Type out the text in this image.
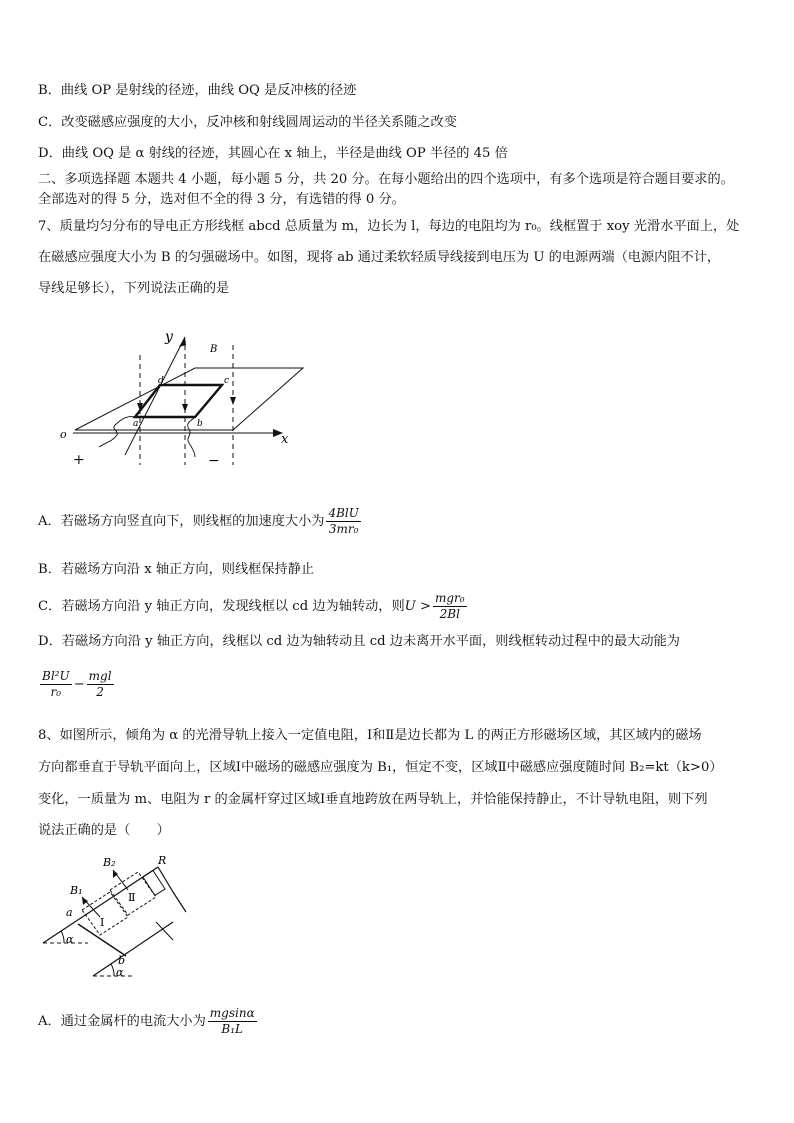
B．曲线 OP 是射线的径迹，曲线 OQ 是反冲核的径迹
C．改变磁感应强度的大小，反冲核和射线圆周运动的半径关系随之改变
D．曲线 OQ 是 α 射线的径迹，其圆心在 x 轴上，半径是曲线 OP 半径的 45 倍
二、多项选择题 本题共 4 小题，每小题 5 分，共 20 分。在每小题给出的四个选项中，有多个选项是符合题目要求的。
全部选对的得 5 分，选对但不全的得 3 分，有选错的得 0 分。
7、质量均匀分布的导电正方形线框 abcd 总质量为 m，边长为 l，每边的电阻均为 r₀。线框置于 xoy 光滑水平面上，处
在磁感应强度大小为 B 的匀强磁场中。如图，现将 ab 通过柔软轻质导线接到电压为 U 的电源两端（电源内阻不计，
导线足够长），下列说法正确的是
y
B
d	c
a	b
o	x
+	−
A．若磁场方向竖直向下，则线框的加速度大小为 $\frac{\text{4BlU}}{\text{3mr₀}}$
B．若磁场方向沿 x 轴正方向，则线框保持静止
C．若磁场方向沿 y 轴正方向，发现线框以 cd 边为轴转动，则$U > \frac{\text{mgr₀}}{2Bl}$
D．若磁场方向沿 y 轴正方向，线框以 cd 边为轴转动且 cd 边未离开水平面，则线框转动过程中的最大动能为
$\frac{\text{Bl²U}}{\text{r₀}} - \frac{\text{mgl}}{2}$
8、如图所示，倾角为 α 的光滑导轨上接入一定值电阻，Ⅰ和Ⅱ是边长都为 L 的两正方形磁场区域，其区域内的磁场
方向都垂直于导轨平面向上，区域Ⅰ中磁场的磁感应强度为 B₁，恒定不变，区域Ⅱ中磁感应强度随时间 B₂=kt（k>0）
变化，一质量为 m、电阻为 r 的金属杆穿过区域Ⅰ垂直地跨放在两导轨上，并恰能保持静止，不计导轨电阻，则下列
说法正确的是（　　）
B₂	R
B₁
Ⅱ
Ⅰ
a
b
α
α
A．通过金属杆的电流大小为 $\frac{mgsin\alpha}{\text{B₁L}}$
